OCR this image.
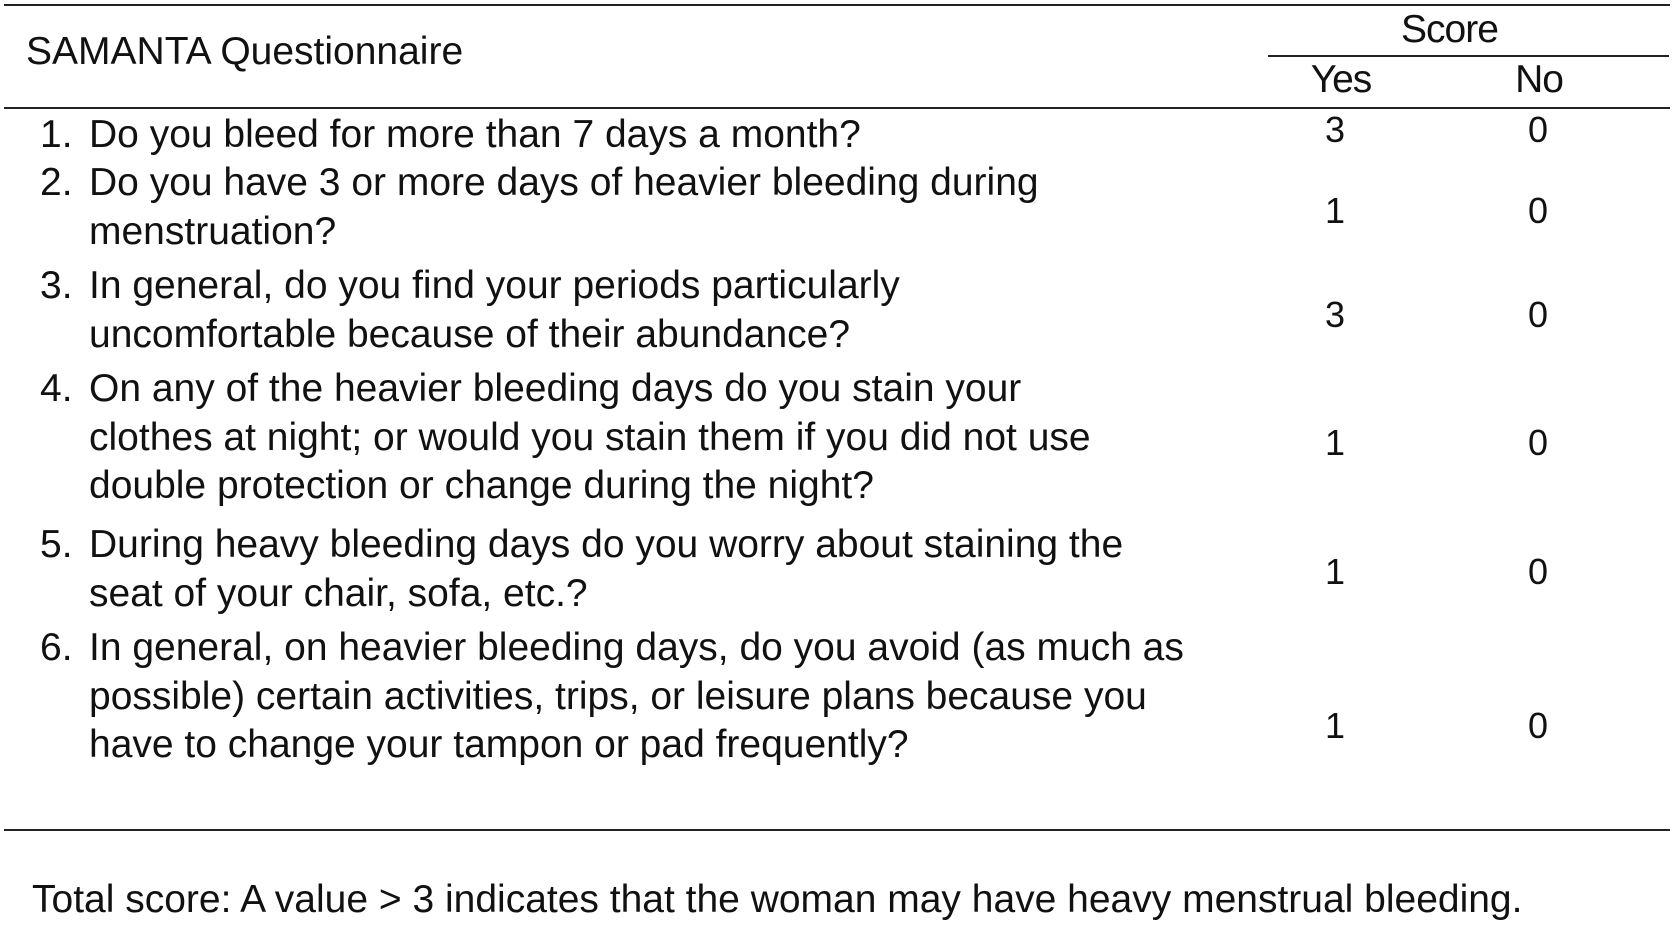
SAMANTA Questionnaire
Score
Yes	No
1. Do you bleed for more than 7 days a month?	3	0
2. Do you have 3 or more days of heavier bleeding during
menstruation?	1	0
3. In general, do you find your periods particularly
uncomfortable because of their abundance?	3	0
4. On any of the heavier bleeding days do you stain your
clothes at night; or would you stain them if you did not use
double protection or change during the night?
1	0
5. During heavy bleeding days do you worry about staining the
seat of your chair, sofa, etc.?	1	0
6. In general, on heavier bleeding days, do you avoid (as much as
possible) certain activities, trips, or leisure plans because you
have to change your tampon or pad frequently?	1	0
Total score: A value > 3 indicates that the woman may have heavy menstrual bleeding.
